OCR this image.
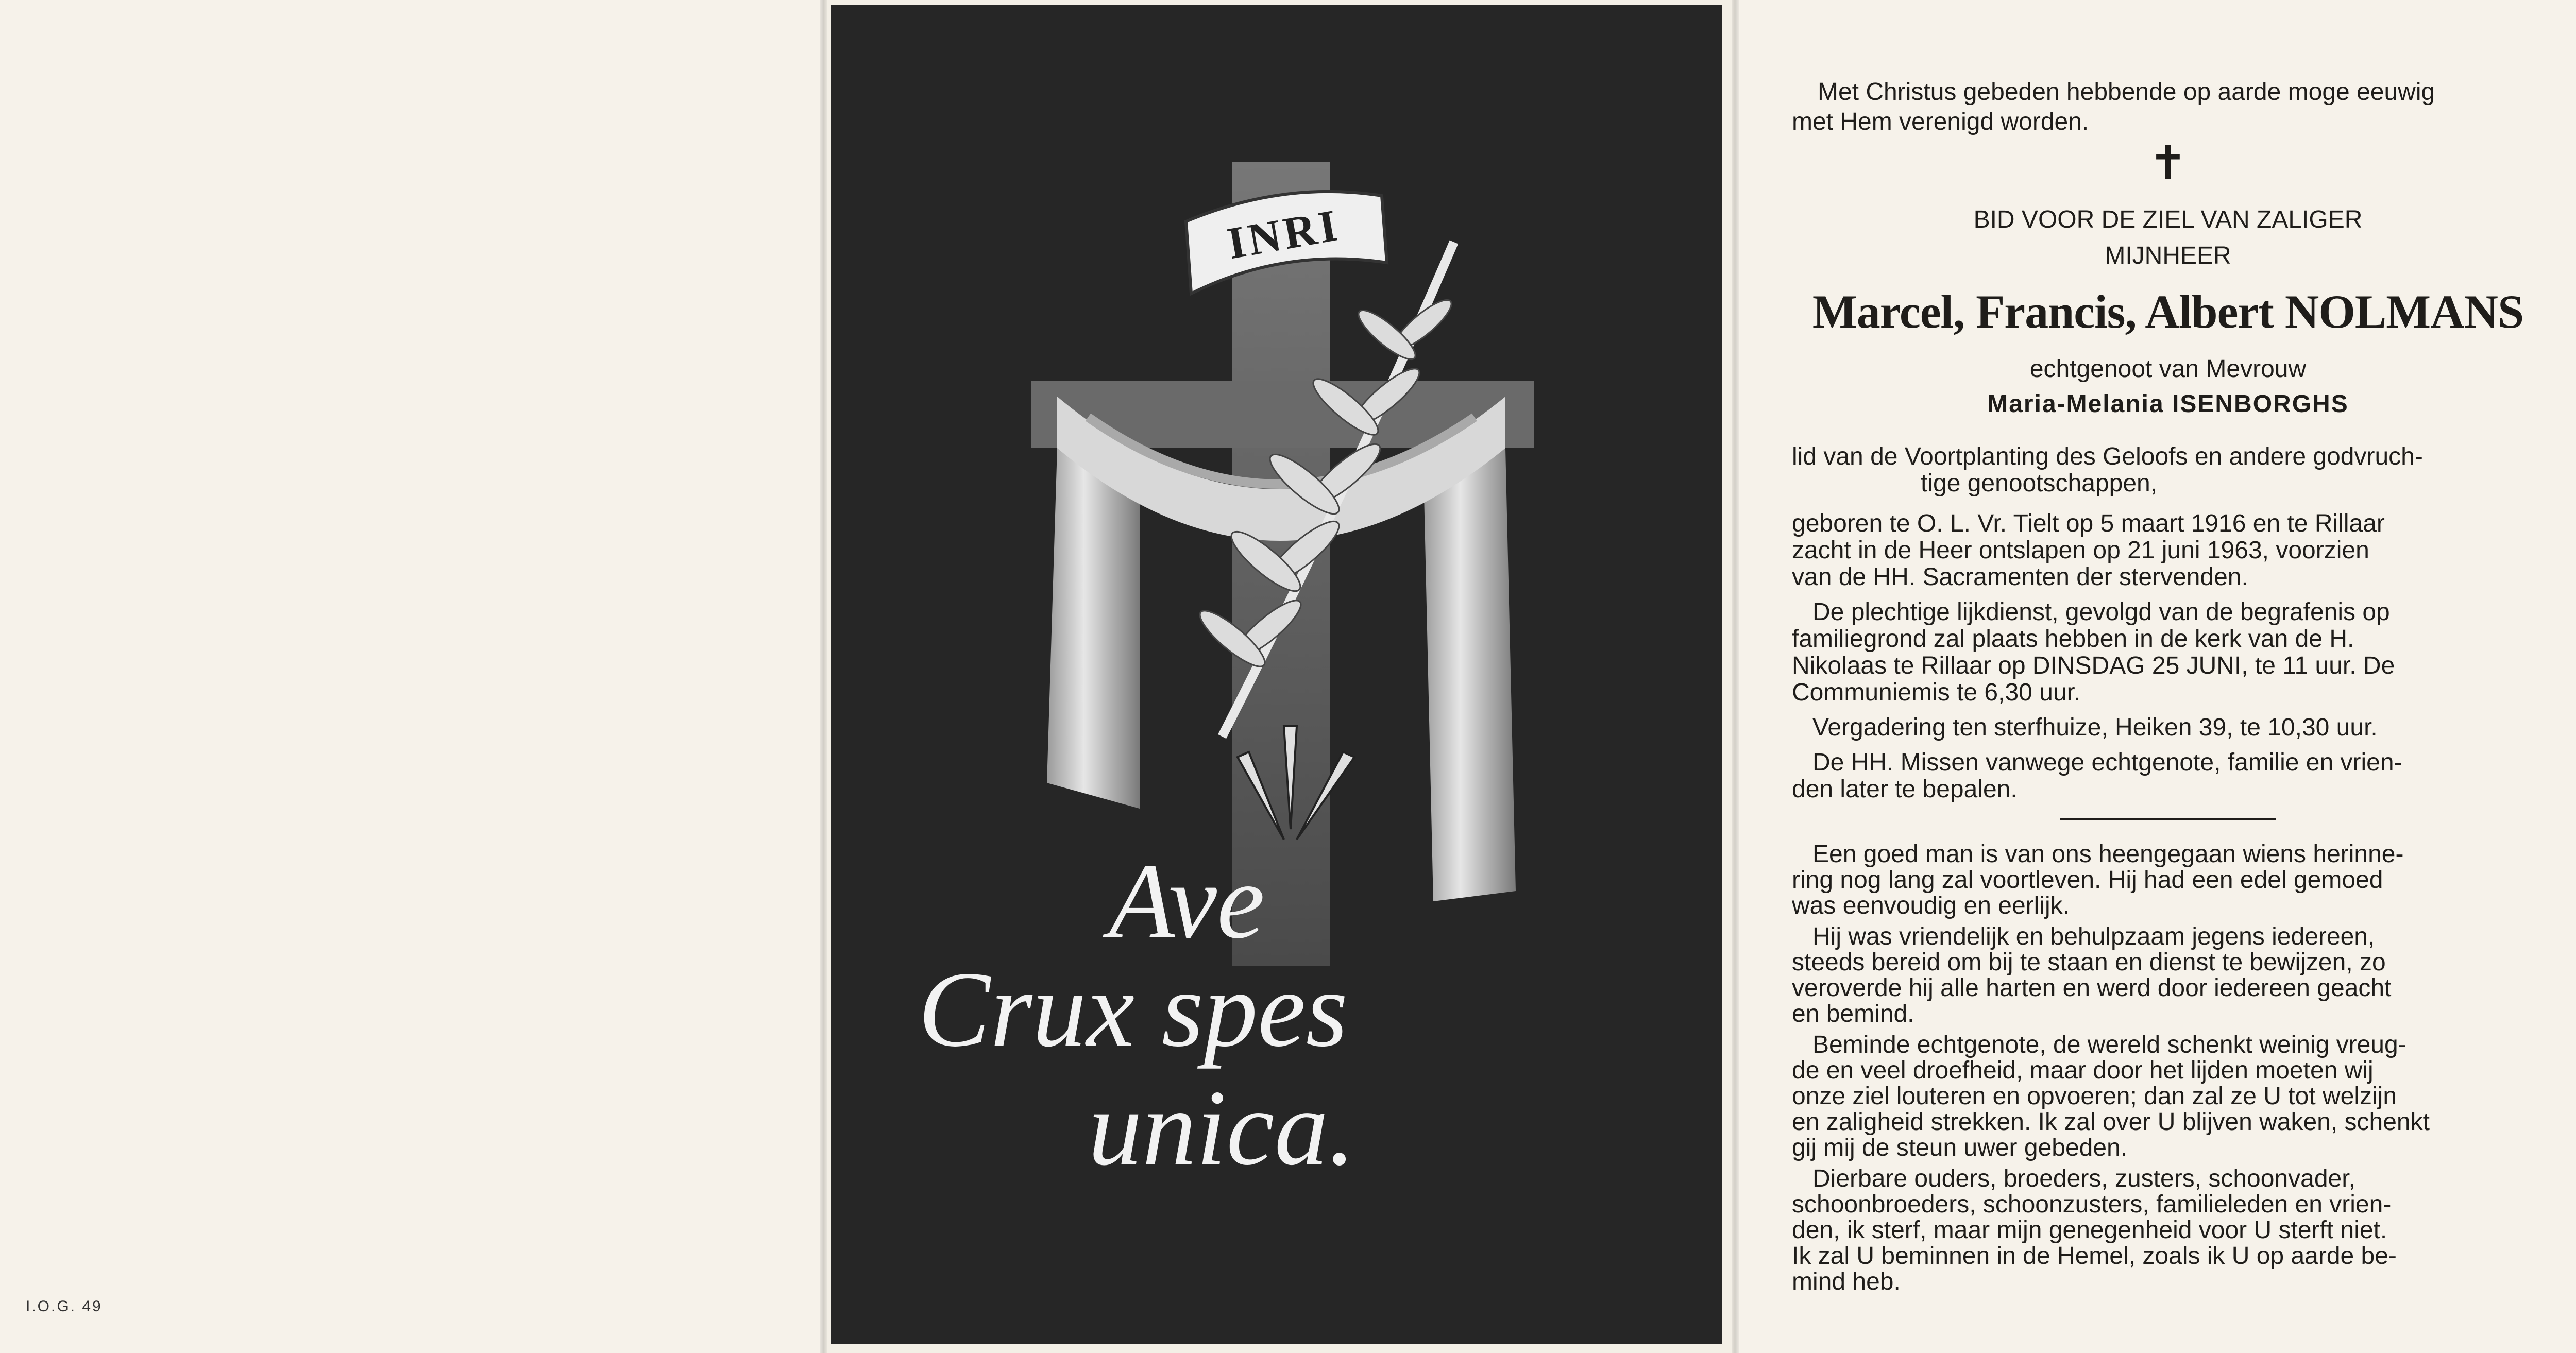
I.O.G. 49
INRI
Ave
Crux spes
unica.
Met Christus gebeden hebbende op aarde moge eeuwig
met Hem verenigd worden.
✝
BID VOOR DE ZIEL VAN ZALIGER
MIJNHEER
Marcel, Francis, Albert NOLMANS
echtgenoot van Mevrouw
Maria-Melania ISENBORGHS
lid van de Voortplanting des Geloofs en andere godvruch-
tige genootschappen,
geboren te O. L. Vr. Tielt op 5 maart 1916 en te Rillaar
zacht in de Heer ontslapen op 21 juni 1963, voorzien
van de HH. Sacramenten der stervenden.
De plechtige lijkdienst, gevolgd van de begrafenis op
familiegrond zal plaats hebben in de kerk van de H.
Nikolaas te Rillaar op DINSDAG 25 JUNI, te 11 uur. De
Communiemis te 6,30 uur.
Vergadering ten sterfhuize, Heiken 39, te 10,30 uur.
De HH. Missen vanwege echtgenote, familie en vrien-
den later te bepalen.
Een goed man is van ons heengegaan wiens herinne-
ring nog lang zal voortleven. Hij had een edel gemoed
was eenvoudig en eerlijk.
Hij was vriendelijk en behulpzaam jegens iedereen,
steeds bereid om bij te staan en dienst te bewijzen, zo
veroverde hij alle harten en werd door iedereen geacht
en bemind.
Beminde echtgenote, de wereld schenkt weinig vreug-
de en veel droefheid, maar door het lijden moeten wij
onze ziel louteren en opvoeren; dan zal ze U tot welzijn
en zaligheid strekken. Ik zal over U blijven waken, schenkt
gij mij de steun uwer gebeden.
Dierbare ouders, broeders, zusters, schoonvader,
schoonbroeders, schoonzusters, familieleden en vrien-
den, ik sterf, maar mijn genegenheid voor U sterft niet.
Ik zal U beminnen in de Hemel, zoals ik U op aarde be-
mind heb.
